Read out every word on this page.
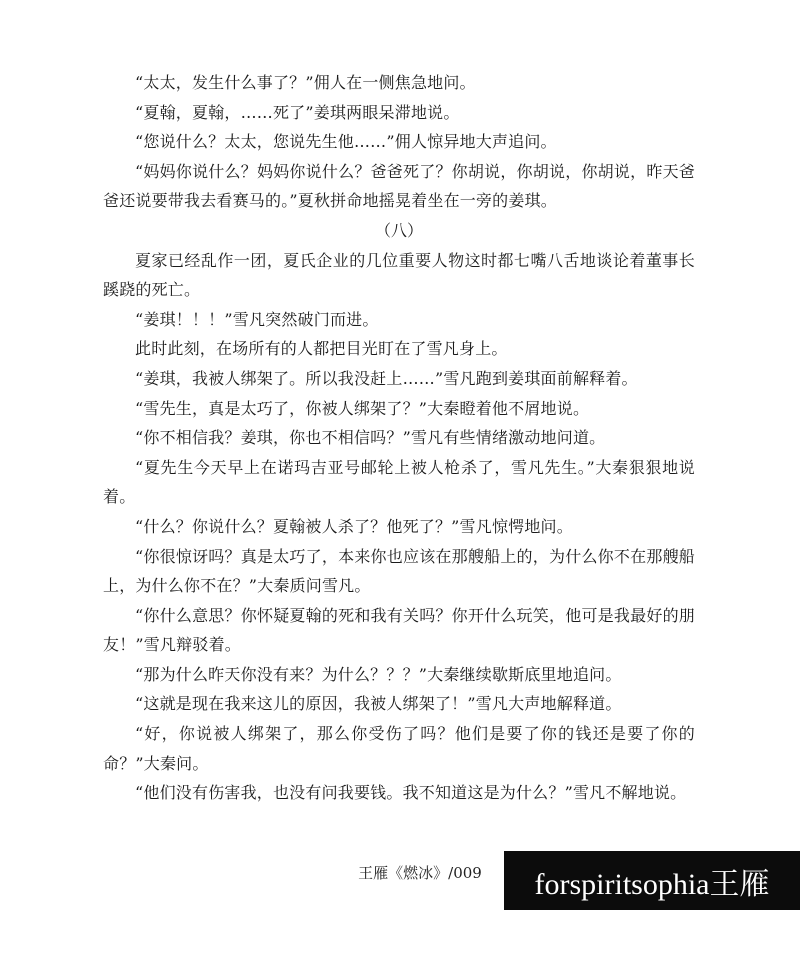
“太太，发生什么事了？”佣人在一侧焦急地问。

“夏翰，夏翰，……死了”姜琪两眼呆滞地说。

“您说什么？太太，您说先生他……”佣人惊异地大声追问。

“妈妈你说什么？妈妈你说什么？爸爸死了？你胡说，你胡说，你胡说，昨天爸爸还说要带我去看赛马的。”夏秋拼命地摇晃着坐在一旁的姜琪。

（八）

夏家已经乱作一团，夏氏企业的几位重要人物这时都七嘴八舌地谈论着董事长蹊跷的死亡。

“姜琪！！！”雪凡突然破门而进。

此时此刻，在场所有的人都把目光盯在了雪凡身上。

“姜琪，我被人绑架了。所以我没赶上……”雪凡跑到姜琪面前解释着。

“雪先生，真是太巧了，你被人绑架了？”大秦瞪着他不屑地说。

“你不相信我？姜琪，你也不相信吗？”雪凡有些情绪激动地问道。

“夏先生今天早上在诺玛吉亚号邮轮上被人枪杀了，雪凡先生。”大秦狠狠地说着。

“什么？你说什么？夏翰被人杀了？他死了？”雪凡惊愕地问。

“你很惊讶吗？真是太巧了，本来你也应该在那艘船上的，为什么你不在那艘船上，为什么你不在？”大秦质问雪凡。

“你什么意思？你怀疑夏翰的死和我有关吗？你开什么玩笑，他可是我最好的朋友！”雪凡辩驳着。

“那为什么昨天你没有来？为什么？？？”大秦继续歇斯底里地追问。

“这就是现在我来这儿的原因，我被人绑架了！”雪凡大声地解释道。

“好，你说被人绑架了，那么你受伤了吗？他们是要了你的钱还是要了你的命？”大秦问。

“他们没有伤害我，也没有问我要钱。我不知道这是为什么？”雪凡不解地说。

王雁《燃冰》/009	forspiritsophia王雁
